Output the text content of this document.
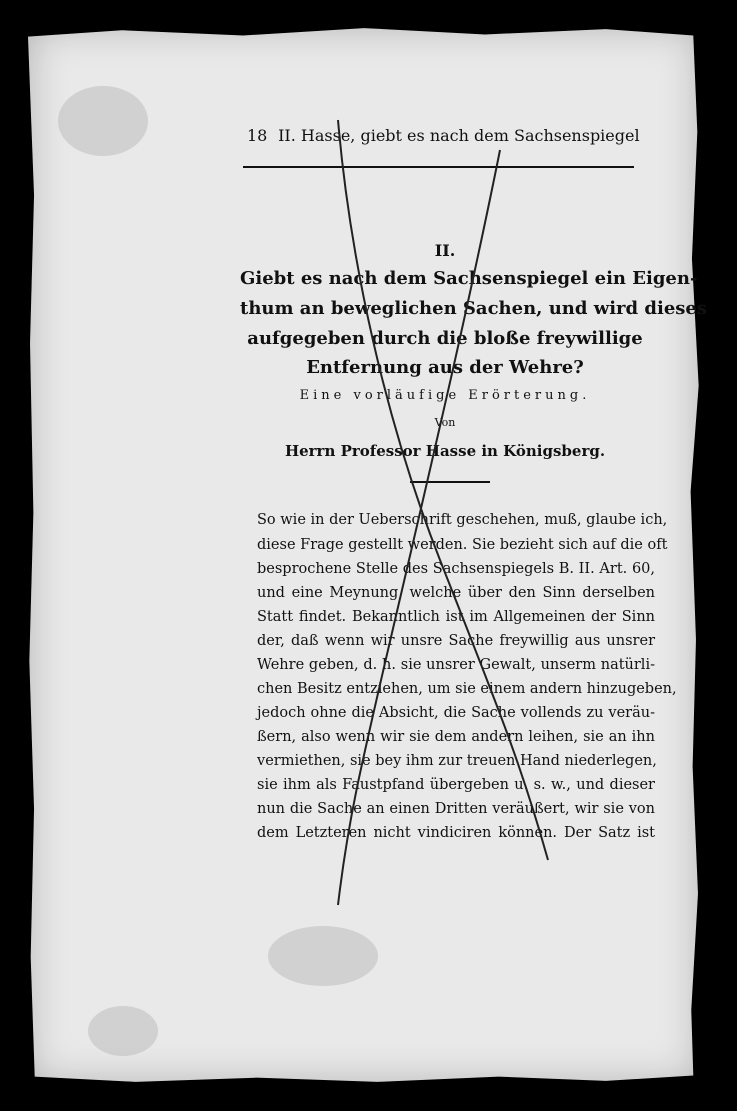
18 II. Hasse, giebt es nach dem Sachsenspiegel
II.
Giebt es nach dem Sachsenspiegel ein Eigen-
thum an beweglichen Sachen, und wird dieses
aufgegeben durch die bloße freywillige
Entfernung aus der Wehre?
Eine vorläufige Erörterung.
Von
Herrn Professor Hasse in Königsberg.
So wie in der Ueberschrift geschehen, muß, glaube ich,
diese Frage gestellt werden. Sie bezieht sich auf die oft
besprochene Stelle des Sachsenspiegels B. II. Art. 60,
und eine Meynung, welche über den Sinn derselben
Statt findet. Bekanntlich ist im Allgemeinen der Sinn
der, daß wenn wir unsre Sache freywillig aus unsrer
Wehre geben, d. h. sie unsrer Gewalt, unserm natürli-
chen Besitz entziehen, um sie einem andern hinzugeben,
jedoch ohne die Absicht, die Sache vollends zu veräu-
ßern, also wenn wir sie dem andern leihen, sie an ihn
vermiethen, sie bey ihm zur treuen Hand niederlegen,
sie ihm als Faustpfand übergeben u. s. w., und dieser
nun die Sache an einen Dritten veräußert, wir sie von
dem Letzteren nicht vindiciren können. Der Satz ist
